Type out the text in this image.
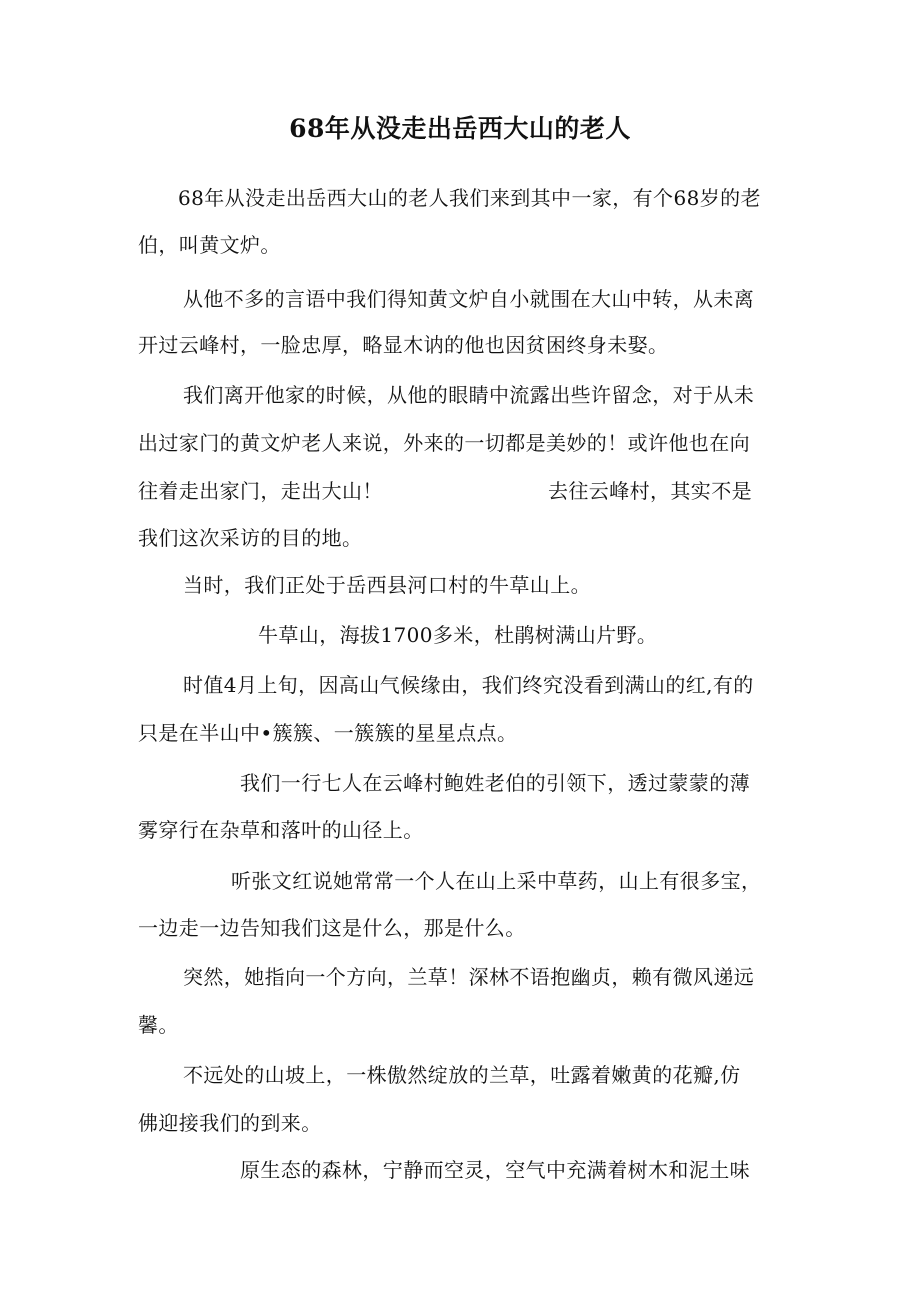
68年从没走出岳西大山的老人
68年从没走出岳西大山的老人我们来到其中一家，有个68岁的老
伯，叫黄文炉。
从他不多的言语中我们得知黄文炉自小就围在大山中转，从未离
开过云峰村，一脸忠厚，略显木讷的他也因贫困终身未娶。
我们离开他家的时候，从他的眼睛中流露出些许留念，对于从未
出过家门的黄文炉老人来说，外来的一切都是美妙的！或许他也在向
往着走出家门，走出大山！	去往云峰村，其实不是
我们这次采访的目的地。
当时，我们正处于岳西县河口村的牛草山上。
牛草山，海拔1700多米，杜鹃树满山片野。
时值4月上旬，因高山气候缘由，我们终究没看到满山的红,有的
只是在半山中•簇簇、一簇簇的星星点点。
我们一行七人在云峰村鲍姓老伯的引领下，透过蒙蒙的薄
雾穿行在杂草和落叶的山径上。
听张文红说她常常一个人在山上采中草药，山上有很多宝，
一边走一边告知我们这是什么，那是什么。
突然，她指向一个方向，兰草！深林不语抱幽贞，赖有微风递远
馨。
不远处的山坡上，一株傲然绽放的兰草，吐露着嫩黄的花瓣,仿
佛迎接我们的到来。
原生态的森林，宁静而空灵，空气中充满着树木和泥土味
